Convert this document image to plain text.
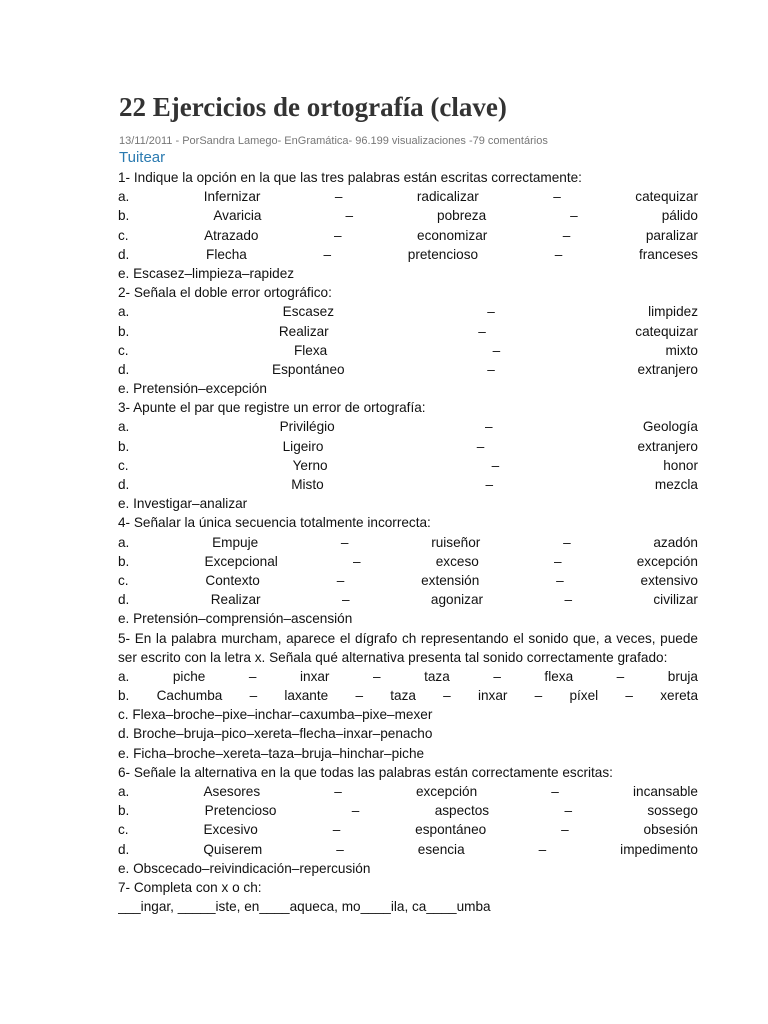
22 Ejercicios de ortografía (clave)
13/11/2011 - PorSandra Lamego- EnGramática- 96.199 visualizaciones -79 comentários
Tuitear
1- Indique la opción en la que las tres palabras están escritas correctamente:
a.	Infernizar	–	radicalizar	–	catequizar
b.	Avaricia	–	pobreza	–	pálido
c.	Atrazado	–	economizar	–	paralizar
d.	Flecha	–	pretencioso	–	franceses
e. Escasez–limpieza–rapidez
2- Señala el doble error ortográfico:
a.	Escasez	–	limpidez
b.	Realizar	–	catequizar
c.	Flexa	–	mixto
d.	Espontáneo	–	extranjero
e. Pretensión–excepción
3- Apunte el par que registre un error de ortografía:
a.	Privilégio	–	Geología
b.	Ligeiro	–	extranjero
c.	Yerno	–	honor
d.	Misto	–	mezcla
e. Investigar–analizar
4- Señalar la única secuencia totalmente incorrecta:
a.	Empuje	–	ruiseñor	–	azadón
b.	Excepcional	–	exceso	–	excepción
c.	Contexto	–	extensión	–	extensivo
d.	Realizar	–	agonizar	–	civilizar
e. Pretensión–comprensión–ascensión
5- En la palabra murcham, aparece el dígrafo ch representando el sonido que, a veces, puede ser escrito con la letra x. Señala qué alternativa presenta tal sonido correctamente grafado:
a.	piche	–	inxar	–	taza	–	flexa	–	bruja
b. Cachumba – laxante – taza – inxar – píxel – xereta
c. Flexa–broche–pixe–inchar–caxumba–pixe–mexer
d. Broche–bruja–pico–xereta–flecha–inxar–penacho
e. Ficha–broche–xereta–taza–bruja–hinchar–piche
6- Señale la alternativa en la que todas las palabras están correctamente escritas:
a.	Asesores	–	excepción	–	incansable
b.	Pretencioso	–	aspectos	–	sossego
c.	Excesivo	–	espontáneo	–	obsesión
d.	Quiserem	–	esencia	–	impedimento
e. Obscecado–reivindicación–repercusión
7- Completa con x o ch:
___ingar, _____iste, en____aqueca, mo____ila, ca____umba
